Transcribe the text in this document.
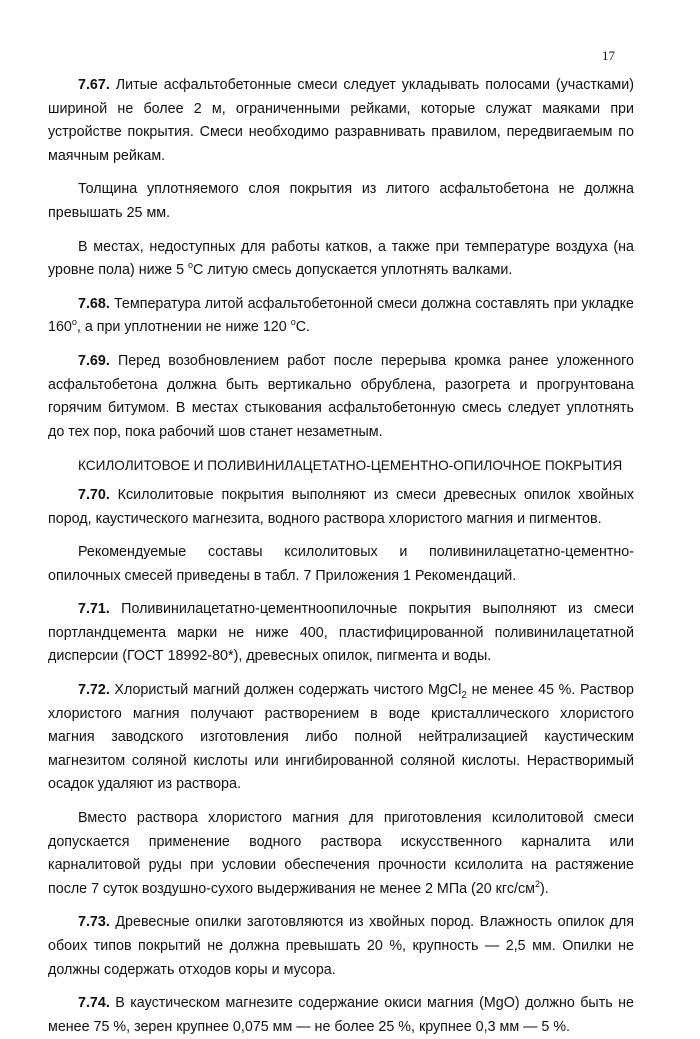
17

7.67. Литые асфальтобетонные смеси следует укладывать полосами (участками) шириной не более 2 м, ограниченными рейками, которые служат маяками при устройстве покрытия. Смеси необходимо разравнивать правилом, передвигаемым по маячным рейкам.

Толщина уплотняемого слоя покрытия из литого асфальтобетона не должна превышать 25 мм.

В местах, недоступных для работы катков, а также при температуре воздуха (на уровне пола) ниже 5 $^о$С литую смесь допускается уплотнять валками.

7.68. Температура литой асфальтобетонной смеси должна составлять при укладке $160^о$, а при уплотнении не ниже 120 $^о$С.

7.69. Перед возобновлением работ после перерыва кромка ранее уложенного асфальтобетона должна быть вертикально обрублена, разогрета и прогрунтована горячим битумом. В местах стыкования асфальтобетонную смесь следует уплотнять до тех пор, пока рабочий шов станет незаметным.

КСИЛОЛИТОВОЕ И ПОЛИВИНИЛАЦЕТАТНО-ЦЕМЕНТНО-ОПИЛОЧНОЕ ПОКРЫТИЯ

7.70. Ксилолитовые покрытия выполняют из смеси древесных опилок хвойных пород, каустического магнезита, водного раствора хлористого магния и пигментов.

Рекомендуемые составы ксилолитовых и поливинилацетатно-цементно-опилочных смесей приведены в табл. 7 Приложения 1 Рекомендаций.

7.71. Поливинилацетатно-цементноопилочные покрытия выполняют из смеси портландцемента марки не ниже 400, пластифицированной поливинилацетатной дисперсии (ГОСТ 18992-80*), древесных опилок, пигмента и воды.

7.72. Хлористый магний должен содержать чистого MgCl$_2$ не менее 45 %. Раствор хлористого магния получают растворением в воде кристаллического хлористого магния заводского изготовления либо полной нейтрализацией каустическим магнезитом соляной кислоты или ингибированной соляной кислоты. Нерастворимый осадок удаляют из раствора.

Вместо раствора хлористого магния для приготовления ксилолитовой смеси допускается применение водного раствора искусственного карналита или карналитовой руды при условии обеспечения прочности ксилолита на растяжение после 7 суток воздушно-сухого выдерживания не менее 2 МПа (20 кгс/$см^2$).

7.73. Древесные опилки заготовляются из хвойных пород. Влажность опилок для обоих типов покрытий не должна превышать 20 %, крупность — 2,5 мм. Опилки не должны содержать отходов коры и мусора.

7.74. В каустическом магнезите содержание окиси магния (MgO) должно быть не менее 75 %, зерен крупнее 0,075 мм — не более 25 %, крупнее 0,3 мм — 5 %.
